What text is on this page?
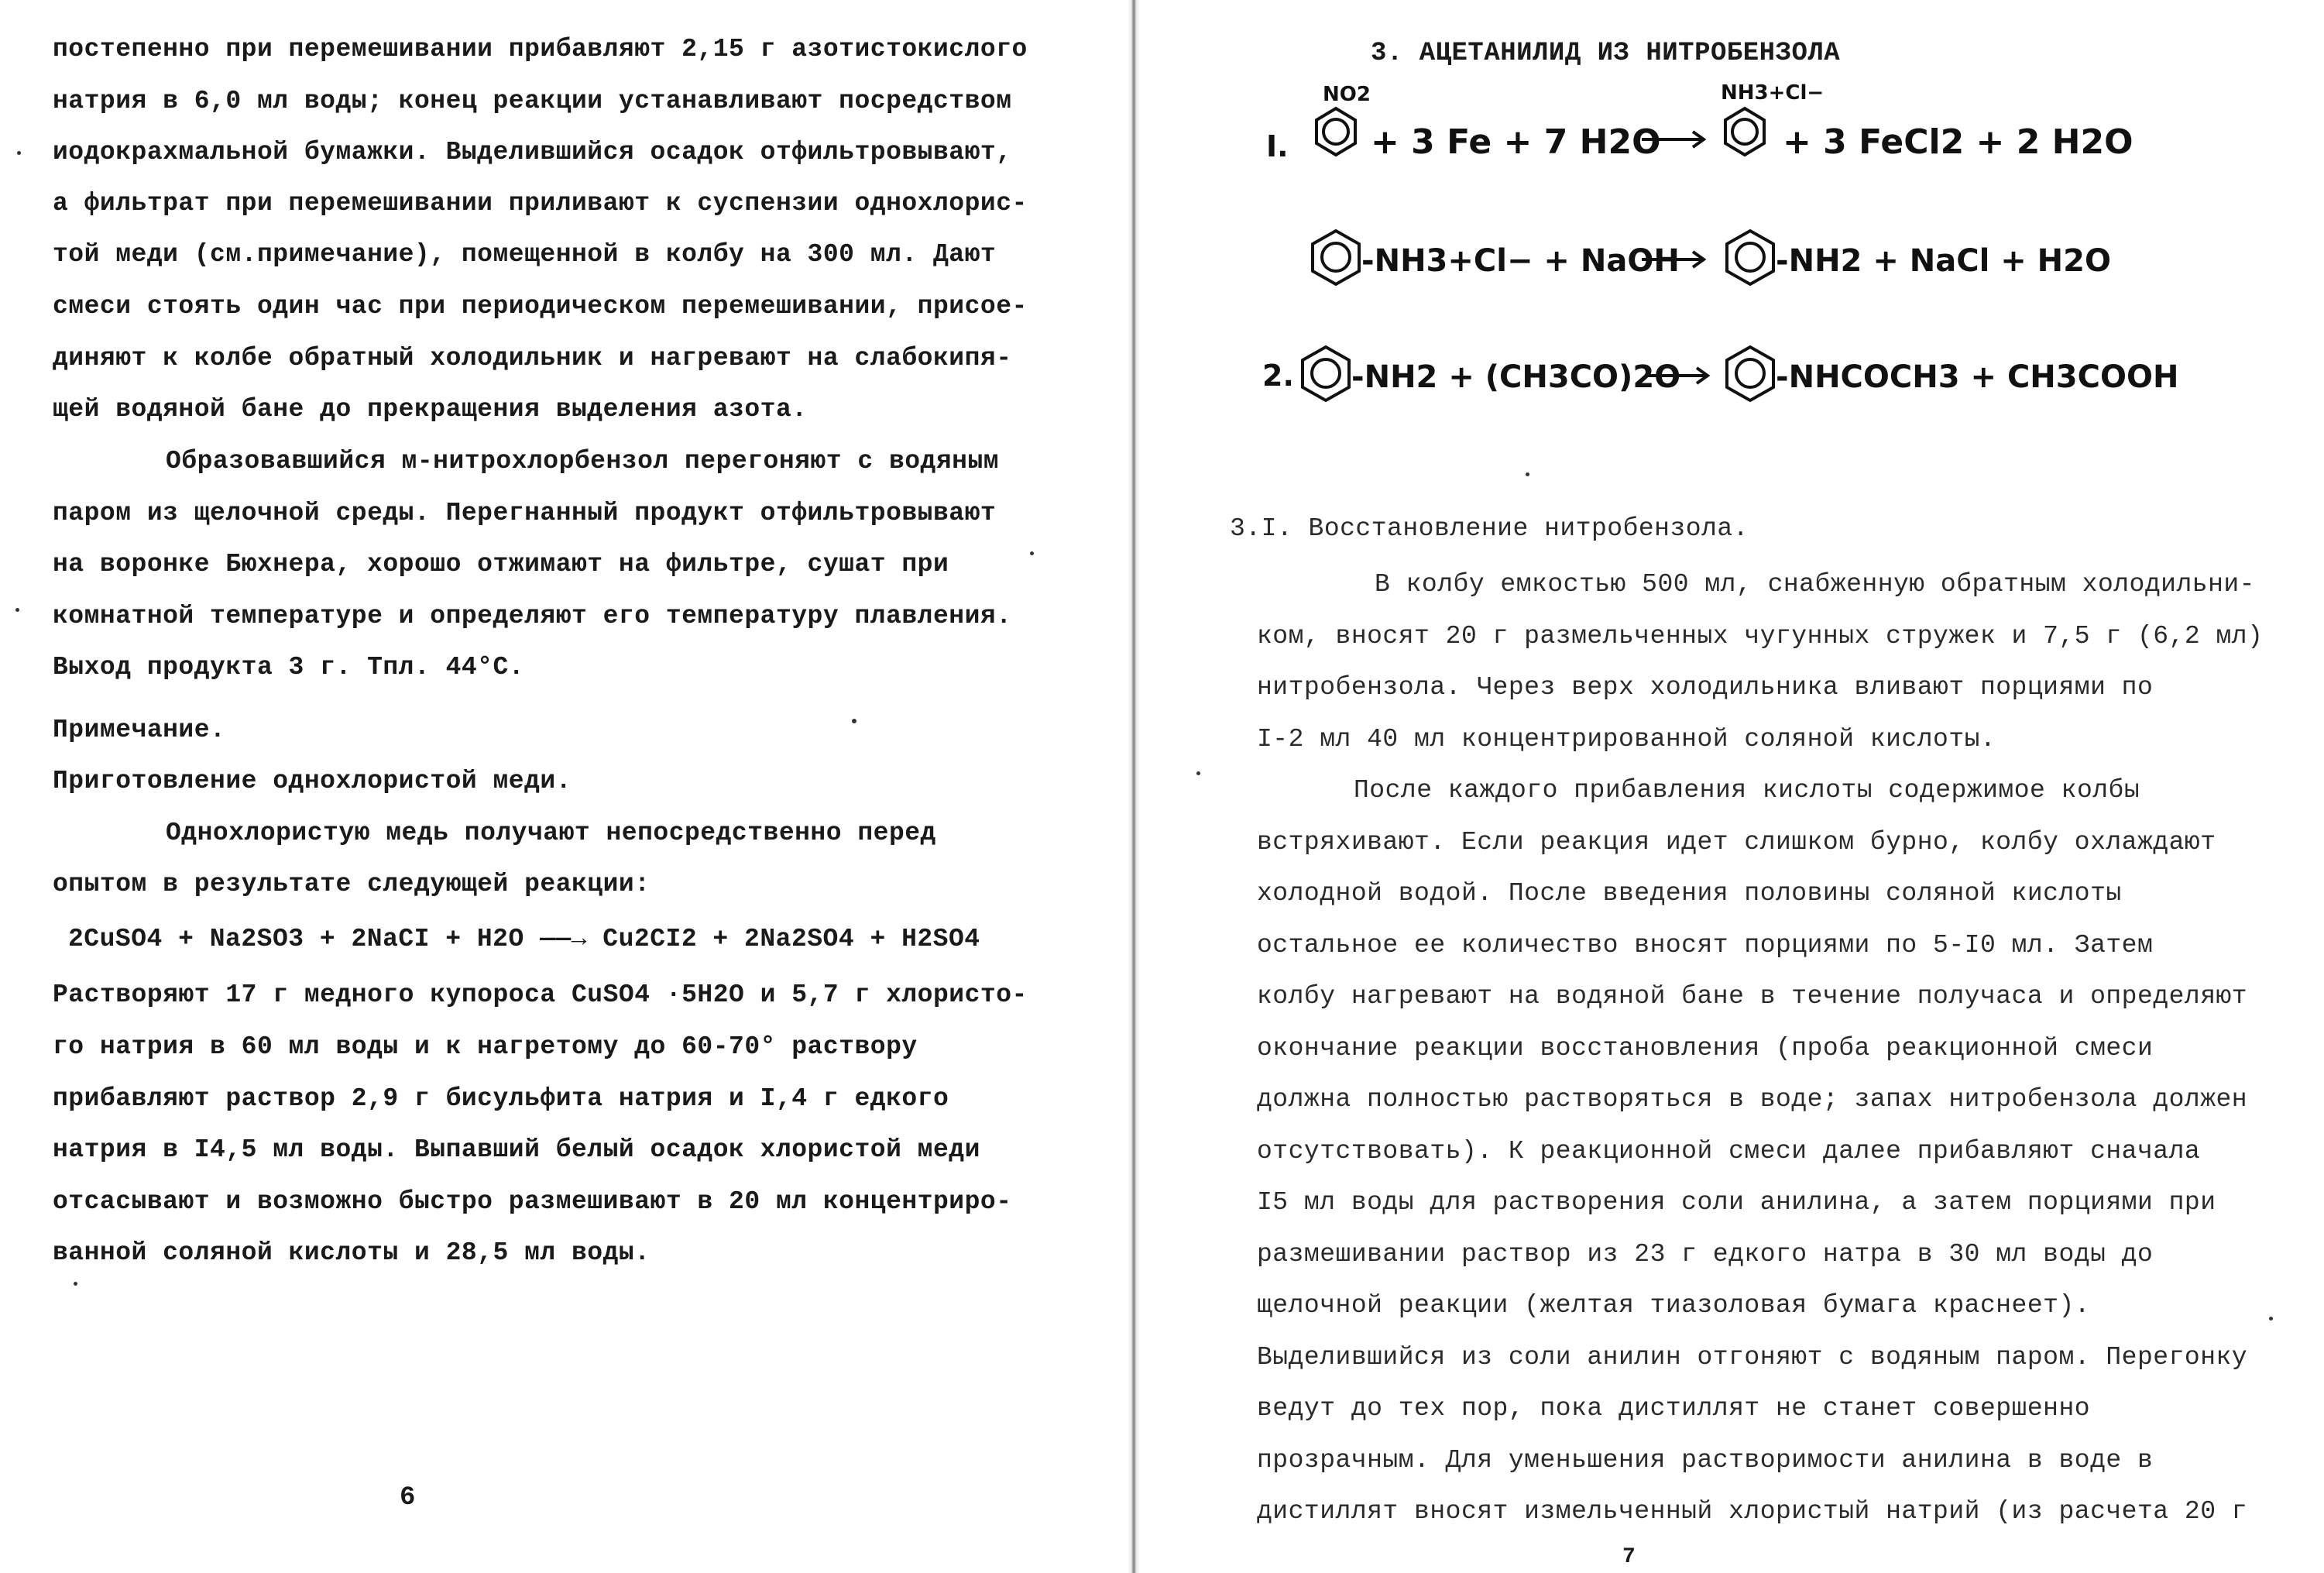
постепенно при перемешивании прибавляют 2,15 г азотистокислого
натрия в 6,0 мл воды; конец реакции устанавливают посредством
иодокрахмальной бумажки. Выделившийся осадок отфильтровывают,
а фильтрат при перемешивании приливают к суспензии однохлорис-
той меди (см.примечание), помещенной в колбу на 300 мл. Дают
смеси стоять один час при периодическом перемешивании, присое-
диняют к колбе обратный холодильник и нагревают на слабокипя-
щей водяной бане до прекращения выделения азота.
Образовавшийся м-нитрохлорбензол перегоняют с водяным
паром из щелочной среды. Перегнанный продукт отфильтровывают
на воронке Бюхнера, хорошо отжимают на фильтре, сушат при
комнатной температуре и определяют его температуру плавления.
Выход продукта 3 г. Тпл. 44°С.
Примечание.
Приготовление однохлористой меди.
Однохлористую медь получают непосредственно перед
опытом в результате следующей реакции:
2CuSO4 + Na2SO3 + 2NaCI + H2O ——→ Cu2CI2 + 2Na2SO4 + H2SO4
Растворяют 17 г медного купороса CuSO4 ·5H2O и 5,7 г хлористо-
го натрия в 60 мл воды и к нагретому до 60-70° раствору
прибавляют раствор 2,9 г бисульфита натрия и I,4 г едкого
натрия в I4,5 мл воды. Выпавший белый осадок хлористой меди
отсасывают и возможно быстро размешивают в 20 мл концентриро-
ванной соляной кислоты и 28,5 мл воды.
6
3. АЦЕТАНИЛИД ИЗ НИТРОБЕНЗОЛА
I.
NO2
+ 3 Fe + 7 H2O
NH3+Cl−
+ 3 FeCl2 + 2 H2O
-NH3+Cl− + NaOH	-NH2 + NaCl + H2O
2. -NH2 + (CH3CO)2O	-NHCOCH3 + CH3COOH
3.I. Восстановление нитробензола.
В колбу емкостью 500 мл, снабженную обратным холодильни-
ком, вносят 20 г размельченных чугунных стружек и 7,5 г (6,2 мл)
нитробензола. Через верх холодильника вливают порциями по
I-2 мл 40 мл концентрированной соляной кислоты.
После каждого прибавления кислоты содержимое колбы
встряхивают. Если реакция идет слишком бурно, колбу охлаждают
холодной водой. После введения половины соляной кислоты
остальное ее количество вносят порциями по 5-I0 мл. Затем
колбу нагревают на водяной бане в течение получаса и определяют
окончание реакции восстановления (проба реакционной смеси
должна полностью растворяться в воде; запах нитробензола должен
отсутствовать). К реакционной смеси далее прибавляют сначала
I5 мл воды для растворения соли анилина, а затем порциями при
размешивании раствор из 23 г едкого натра в 30 мл воды до
щелочной реакции (желтая тиазоловая бумага краснеет).
Выделившийся из соли анилин отгоняют с водяным паром. Перегонку
ведут до тех пор, пока дистиллят не станет совершенно
прозрачным. Для уменьшения растворимости анилина в воде в
дистиллят вносят измельченный хлористый натрий (из расчета 20 г
7
